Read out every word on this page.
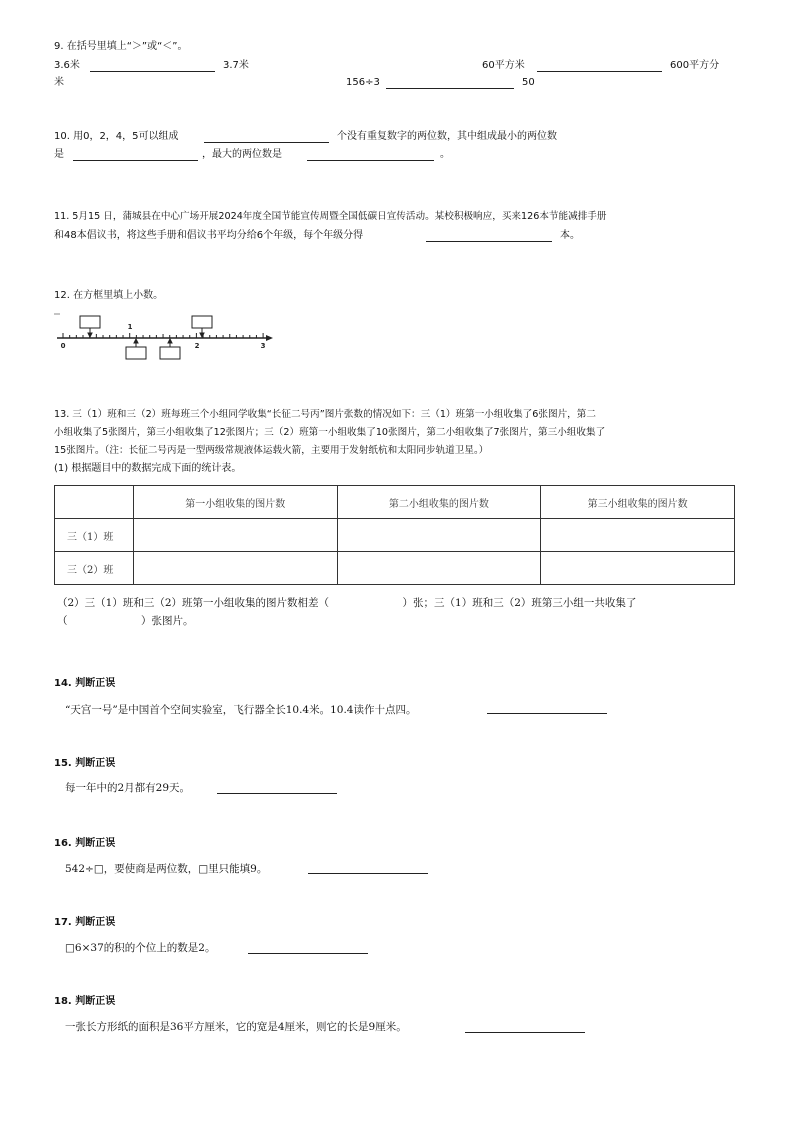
9. 在括号里填上“＞”或“＜”。
3.6米	3.7米	60平方米	600平方分
米	156÷3	50
10. 用0，2，4，5可以组成	个没有重复数字的两位数，其中组成最小的两位数
是	，最大的两位数是	。
11. 5月15 日，蒲城县在中心广场开展2024年度全国节能宣传周暨全国低碳日宣传活动。某校积极响应，买来126本节能减排手册
和48本倡议书，将这些手册和倡议书平均分给6个年级，每个年级分得	本。
12. 在方框里填上小数。
0
1
2	3
13. 三（1）班和三（2）班每班三个小组同学收集“长征二号丙”图片张数的情况如下：三（1）班第一小组收集了6张图片，第二
小组收集了5张图片，第三小组收集了12张图片；三（2）班第一小组收集了10张图片，第二小组收集了7张图片，第三小组收集了
15张图片。（注：长征二号丙是一型两级常规液体运载火箭，主要用于发射纸杭和太阳同步轨道卫星。）
(1) 根据题目中的数据完成下面的统计表。
	第一小组收集的图片数	第二小组收集的图片数	第三小组收集的图片数
三（1）班			
三（2）班			
（2）三（1）班和三（2）班第一小组收集的图片数相差（　　　　　　　）张；三（1）班和三（2）班第三小组一共收集了
（　　　　　　　）张图片。
14. 判断正误
“天宫一号”是中国首个空间实验室，飞行器全长10.4米。10.4读作十点四。
15. 判断正误
每一年中的2月都有29天。
16. 判断正误
542÷□，要使商是两位数，□里只能填9。
17. 判断正误
□6×37的积的个位上的数是2。
18. 判断正误
一张长方形纸的面积是36平方厘米，它的宽是4厘米，则它的长是9厘米。
